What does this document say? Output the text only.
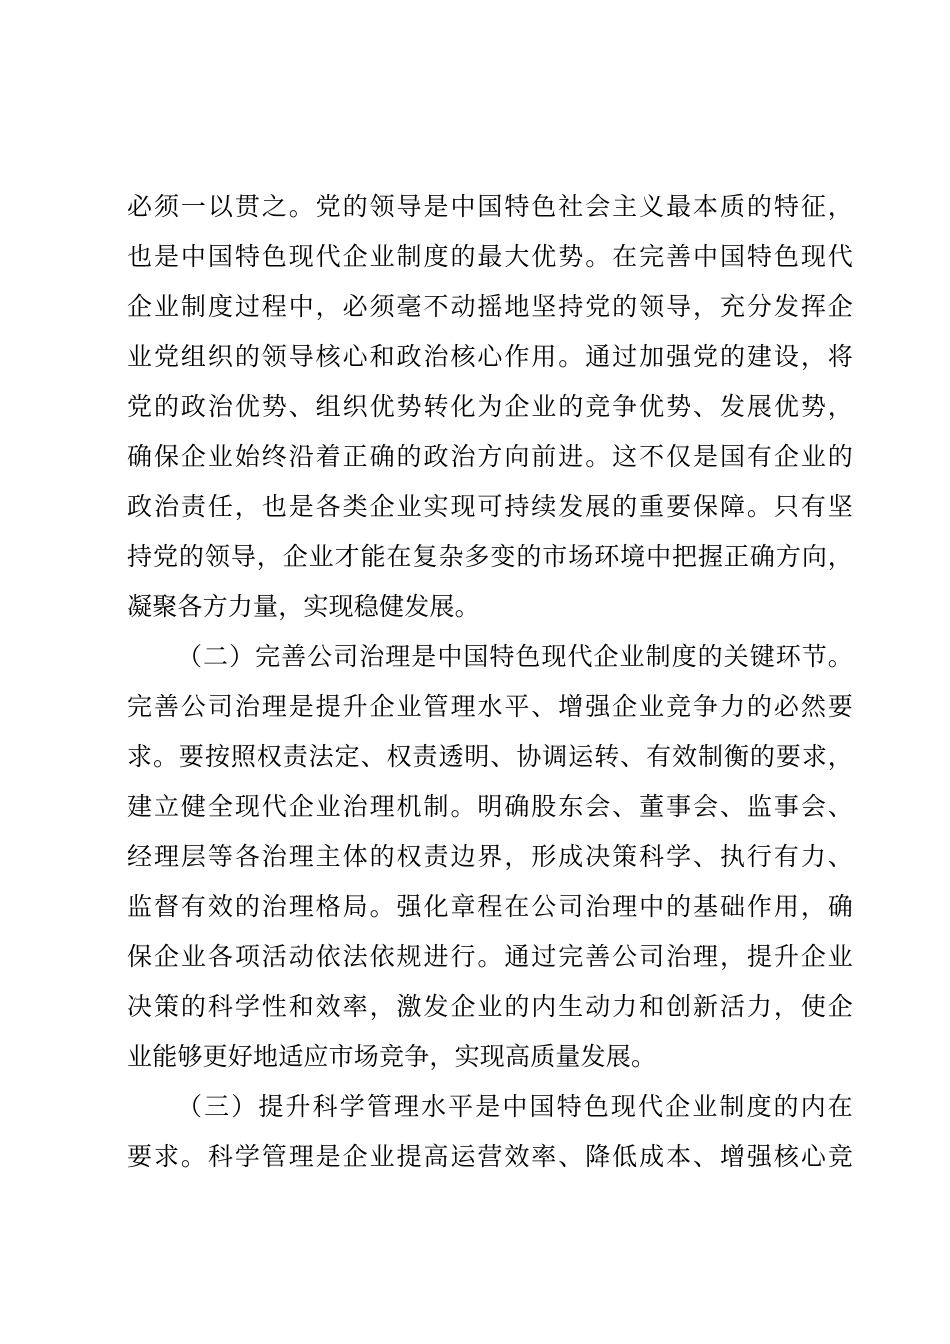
必须一以贯之。党的领导是中国特色社会主义最本质的特征，
也是中国特色现代企业制度的最大优势。在完善中国特色现代
企业制度过程中，必须毫不动摇地坚持党的领导，充分发挥企
业党组织的领导核心和政治核心作用。通过加强党的建设，将
党的政治优势、组织优势转化为企业的竞争优势、发展优势，
确保企业始终沿着正确的政治方向前进。这不仅是国有企业的
政治责任，也是各类企业实现可持续发展的重要保障。只有坚
持党的领导，企业才能在复杂多变的市场环境中把握正确方向，
凝聚各方力量，实现稳健发展。
（二）完善公司治理是中国特色现代企业制度的关键环节。
完善公司治理是提升企业管理水平、增强企业竞争力的必然要
求。要按照权责法定、权责透明、协调运转、有效制衡的要求，
建立健全现代企业治理机制。明确股东会、董事会、监事会、
经理层等各治理主体的权责边界，形成决策科学、执行有力、
监督有效的治理格局。强化章程在公司治理中的基础作用，确
保企业各项活动依法依规进行。通过完善公司治理，提升企业
决策的科学性和效率，激发企业的内生动力和创新活力，使企
业能够更好地适应市场竞争，实现高质量发展。
（三）提升科学管理水平是中国特色现代企业制度的内在
要求。科学管理是企业提高运营效率、降低成本、增强核心竞
